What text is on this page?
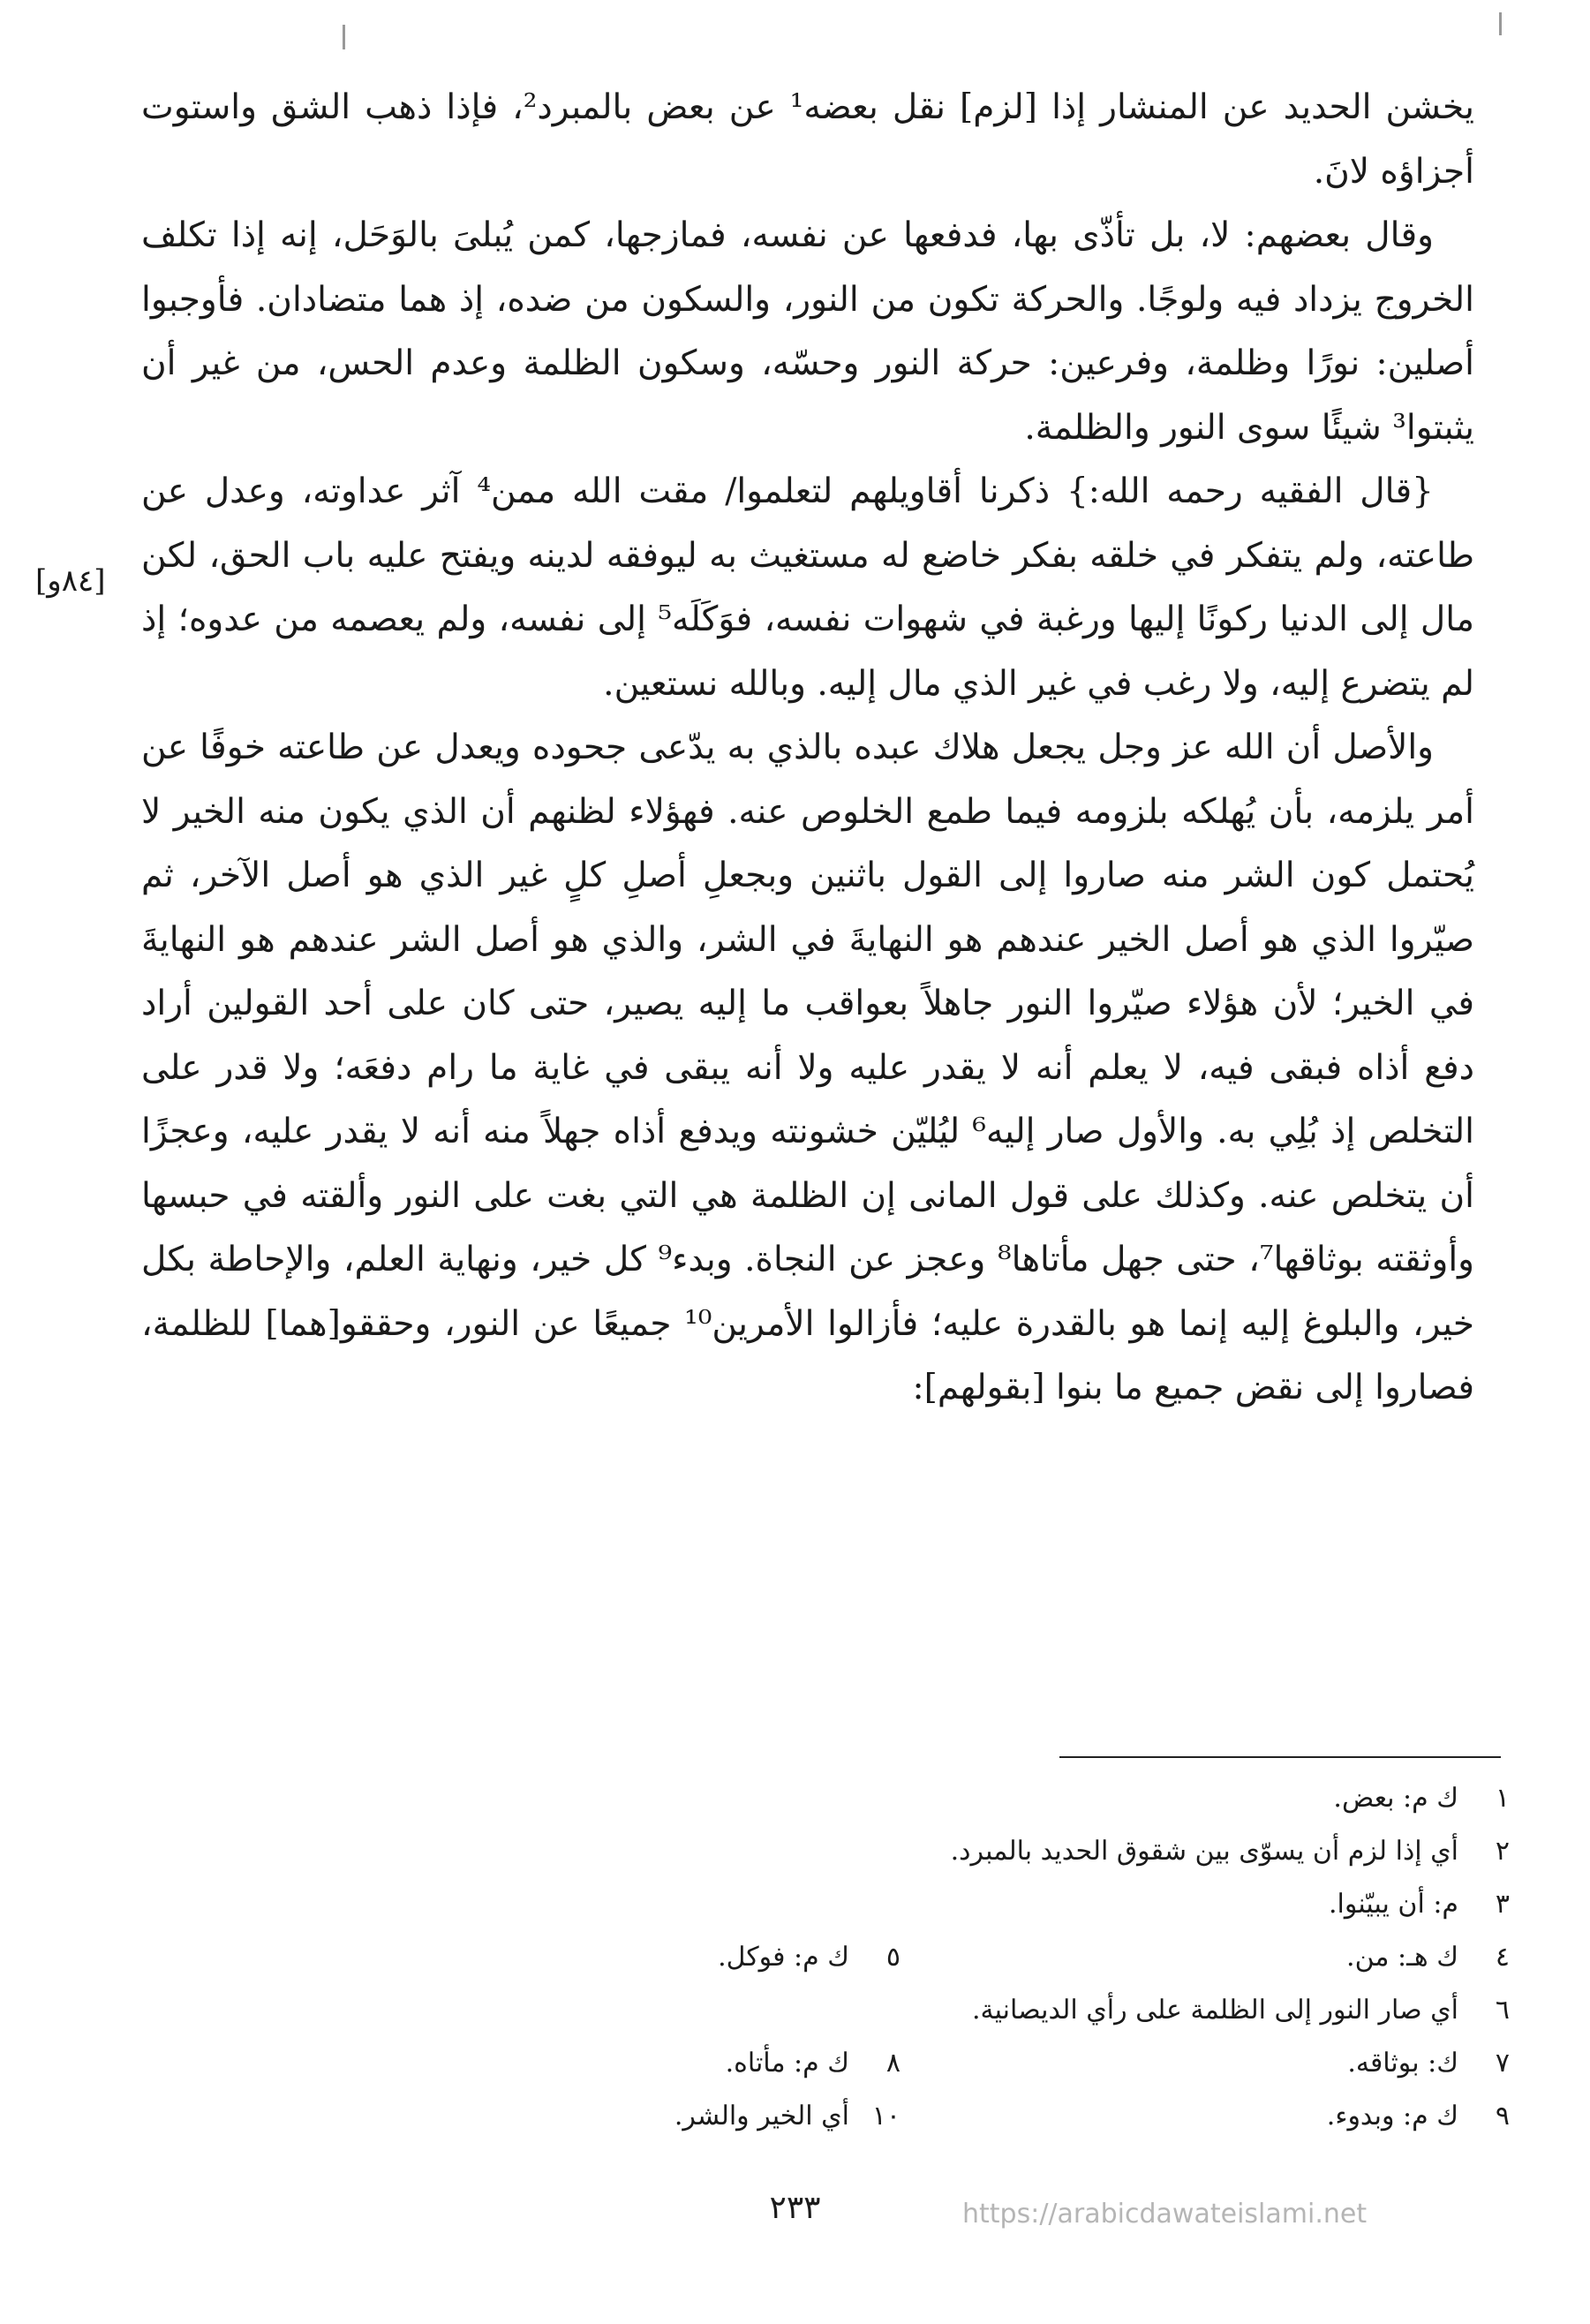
يخشن الحديد عن المنشار إذا [لزم] نقل بعضه¹ عن بعض بالمبرد²، فإذا ذهب الشق واستوت أجزاؤه لانَ.

وقال بعضهم: لا، بل تأذّى بها، فدفعها عن نفسه، فمازجها، كمن يُبلىَ بالوَحَل، إنه إذا تكلف الخروج يزداد فيه ولوجًا. والحركة تكون من النور، والسكون من ضده، إذ هما متضادان. فأوجبوا أصلين: نورًا وظلمة، وفرعين: حركة النور وحسّه، وسكون الظلمة وعدم الحس، من غير أن يثبتوا³ شيئًا سوى النور والظلمة.

{قال الفقيه رحمه الله:} ذكرنا أقاويلهم لتعلموا/ مقت الله ممن⁴ آثر عداوته، وعدل عن طاعته، ولم يتفكر في خلقه بفكر خاضع له مستغيث به ليوفقه لدينه ويفتح عليه باب الحق، لكن مال إلى الدنيا ركونًا إليها ورغبة في شهوات نفسه، فوَكَلَه⁵ إلى نفسه، ولم يعصمه من عدوه؛ إذ لم يتضرع إليه، ولا رغب في غير الذي مال إليه. وبالله نستعين.

والأصل أن الله عز وجل يجعل هلاك عبده بالذي به يدّعى جحوده ويعدل عن طاعته خوفًا عن أمر يلزمه، بأن يُهلكه بلزومه فيما طمع الخلوص عنه. فهؤلاء لظنهم أن الذي يكون منه الخير لا يُحتمل كون الشر منه صاروا إلى القول باثنين وبجعلِ أصلِ كلٍ غير الذي هو أصل الآخر، ثم صيّروا الذي هو أصل الخير عندهم هو النهايةَ في الشر، والذي هو أصل الشر عندهم هو النهايةَ في الخير؛ لأن هؤلاء صيّروا النور جاهلاً بعواقب ما إليه يصير، حتى كان على أحد القولين أراد دفع أذاه فبقى فيه، لا يعلم أنه لا يقدر عليه ولا أنه يبقى في غاية ما رام دفعَه؛ ولا قدر على التخلص إذ بُلِي به. والأول صار إليه⁶ ليُليّن خشونته ويدفع أذاه جهلاً منه أنه لا يقدر عليه، وعجزًا أن يتخلص عنه. وكذلك على قول المانى إن الظلمة هي التي بغت على النور وألقته في حبسها وأوثقته بوثاقها⁷، حتى جهل مأتاها⁸ وعجز عن النجاة. وبدء⁹ كل خير، ونهاية العلم، والإحاطة بكل خير، والبلوغ إليه إنما هو بالقدرة عليه؛ فأزالوا الأمرين¹⁰ جميعًا عن النور، وحققو[هما] للظلمة، فصاروا إلى نقض جميع ما بنوا [بقولهم]:

[٨٤و]
١
ك م: بعض.
٢
أي إذا لزم أن يسوّى بين شقوق الحديد بالمبرد.
٣
م: أن يبيّنوا.
٤
ك هـ: من.
٥
ك م: فوكل.
٦
أي صار النور إلى الظلمة على رأي الديصانية.
٧
ك: بوثاقه.
٨
ك م: مأتاه.
٩
ك م: وبدوء.
١٠
أي الخير والشر.
٢٣٣	https://arabicdawateislami.net
